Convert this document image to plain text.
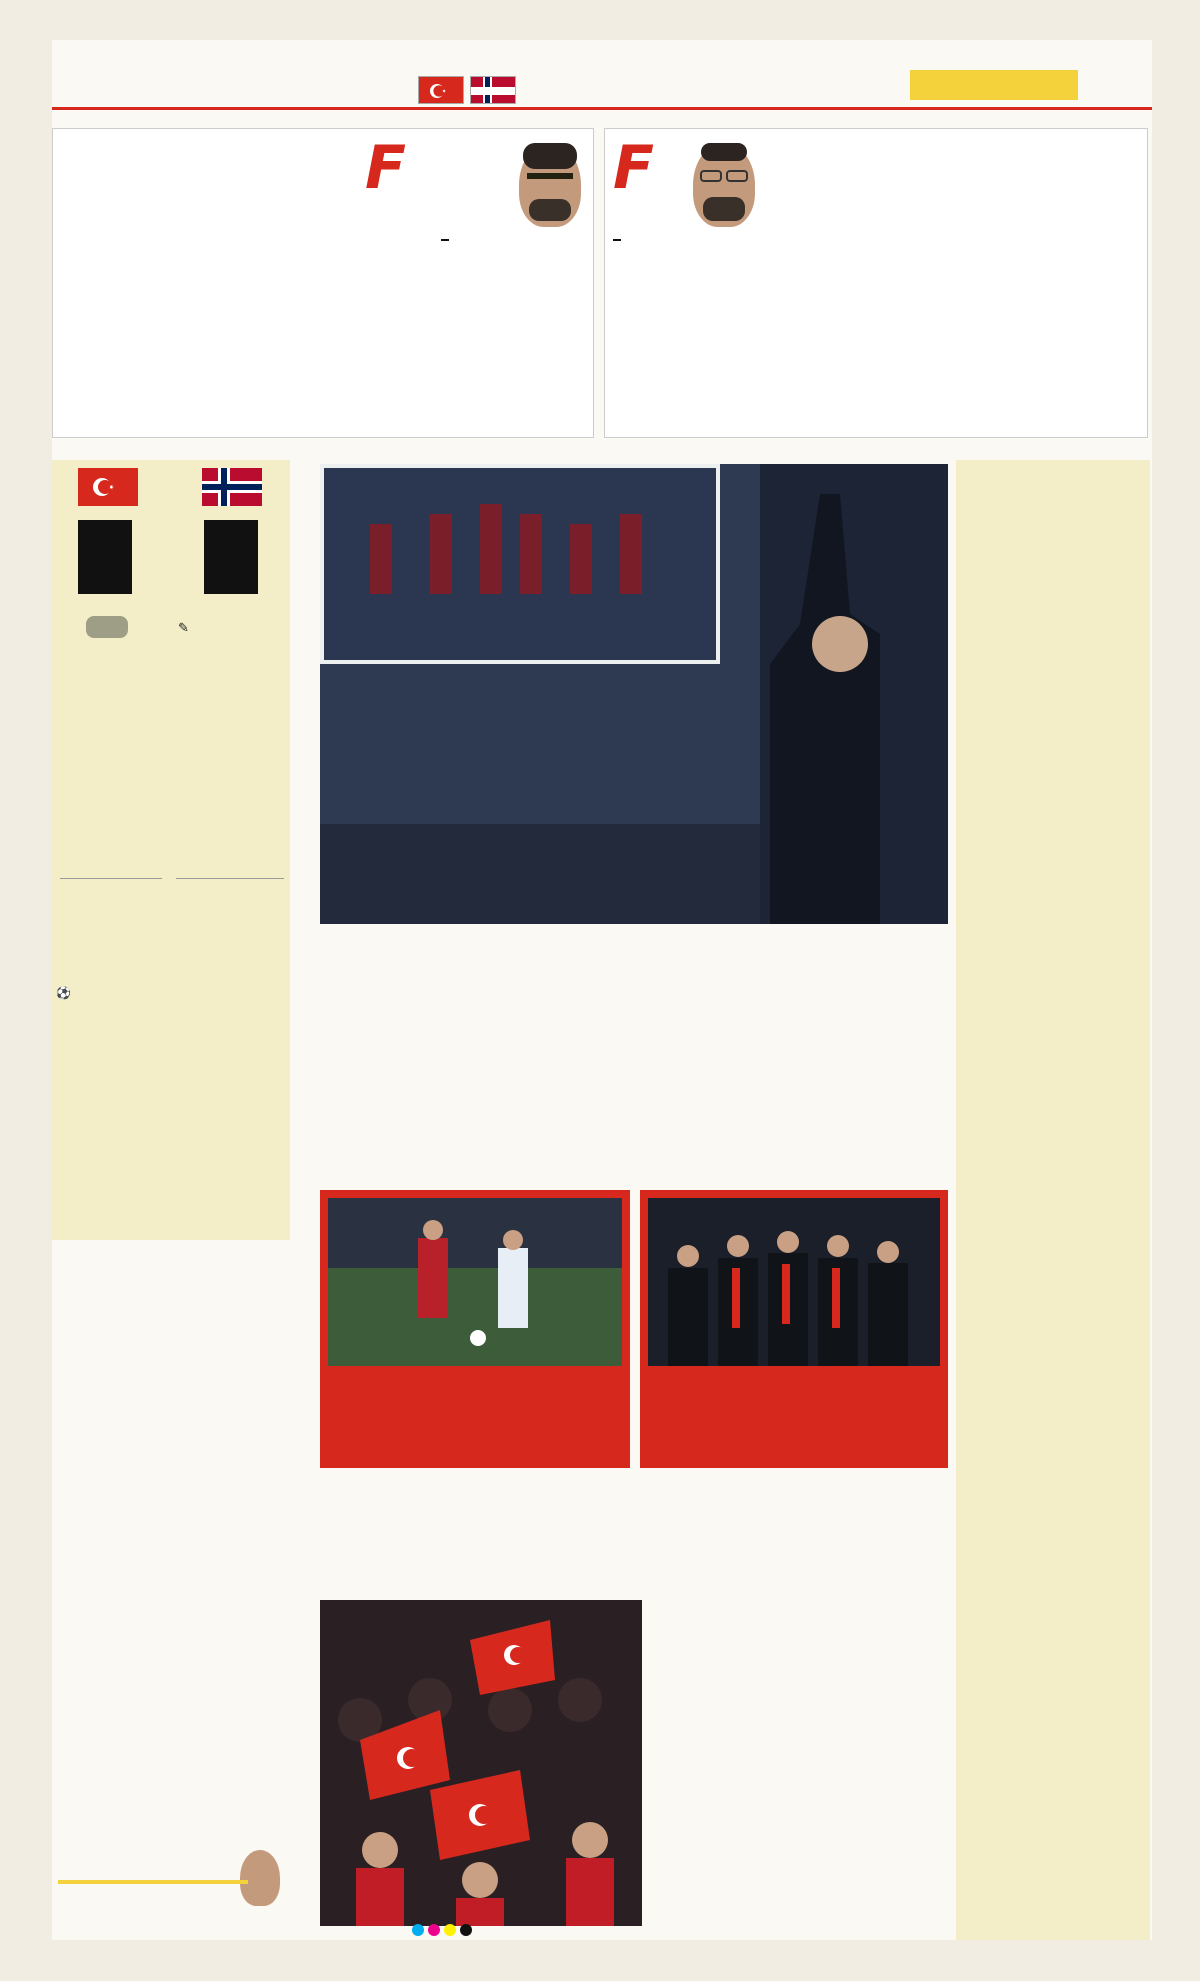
F	F

✎
⚽
